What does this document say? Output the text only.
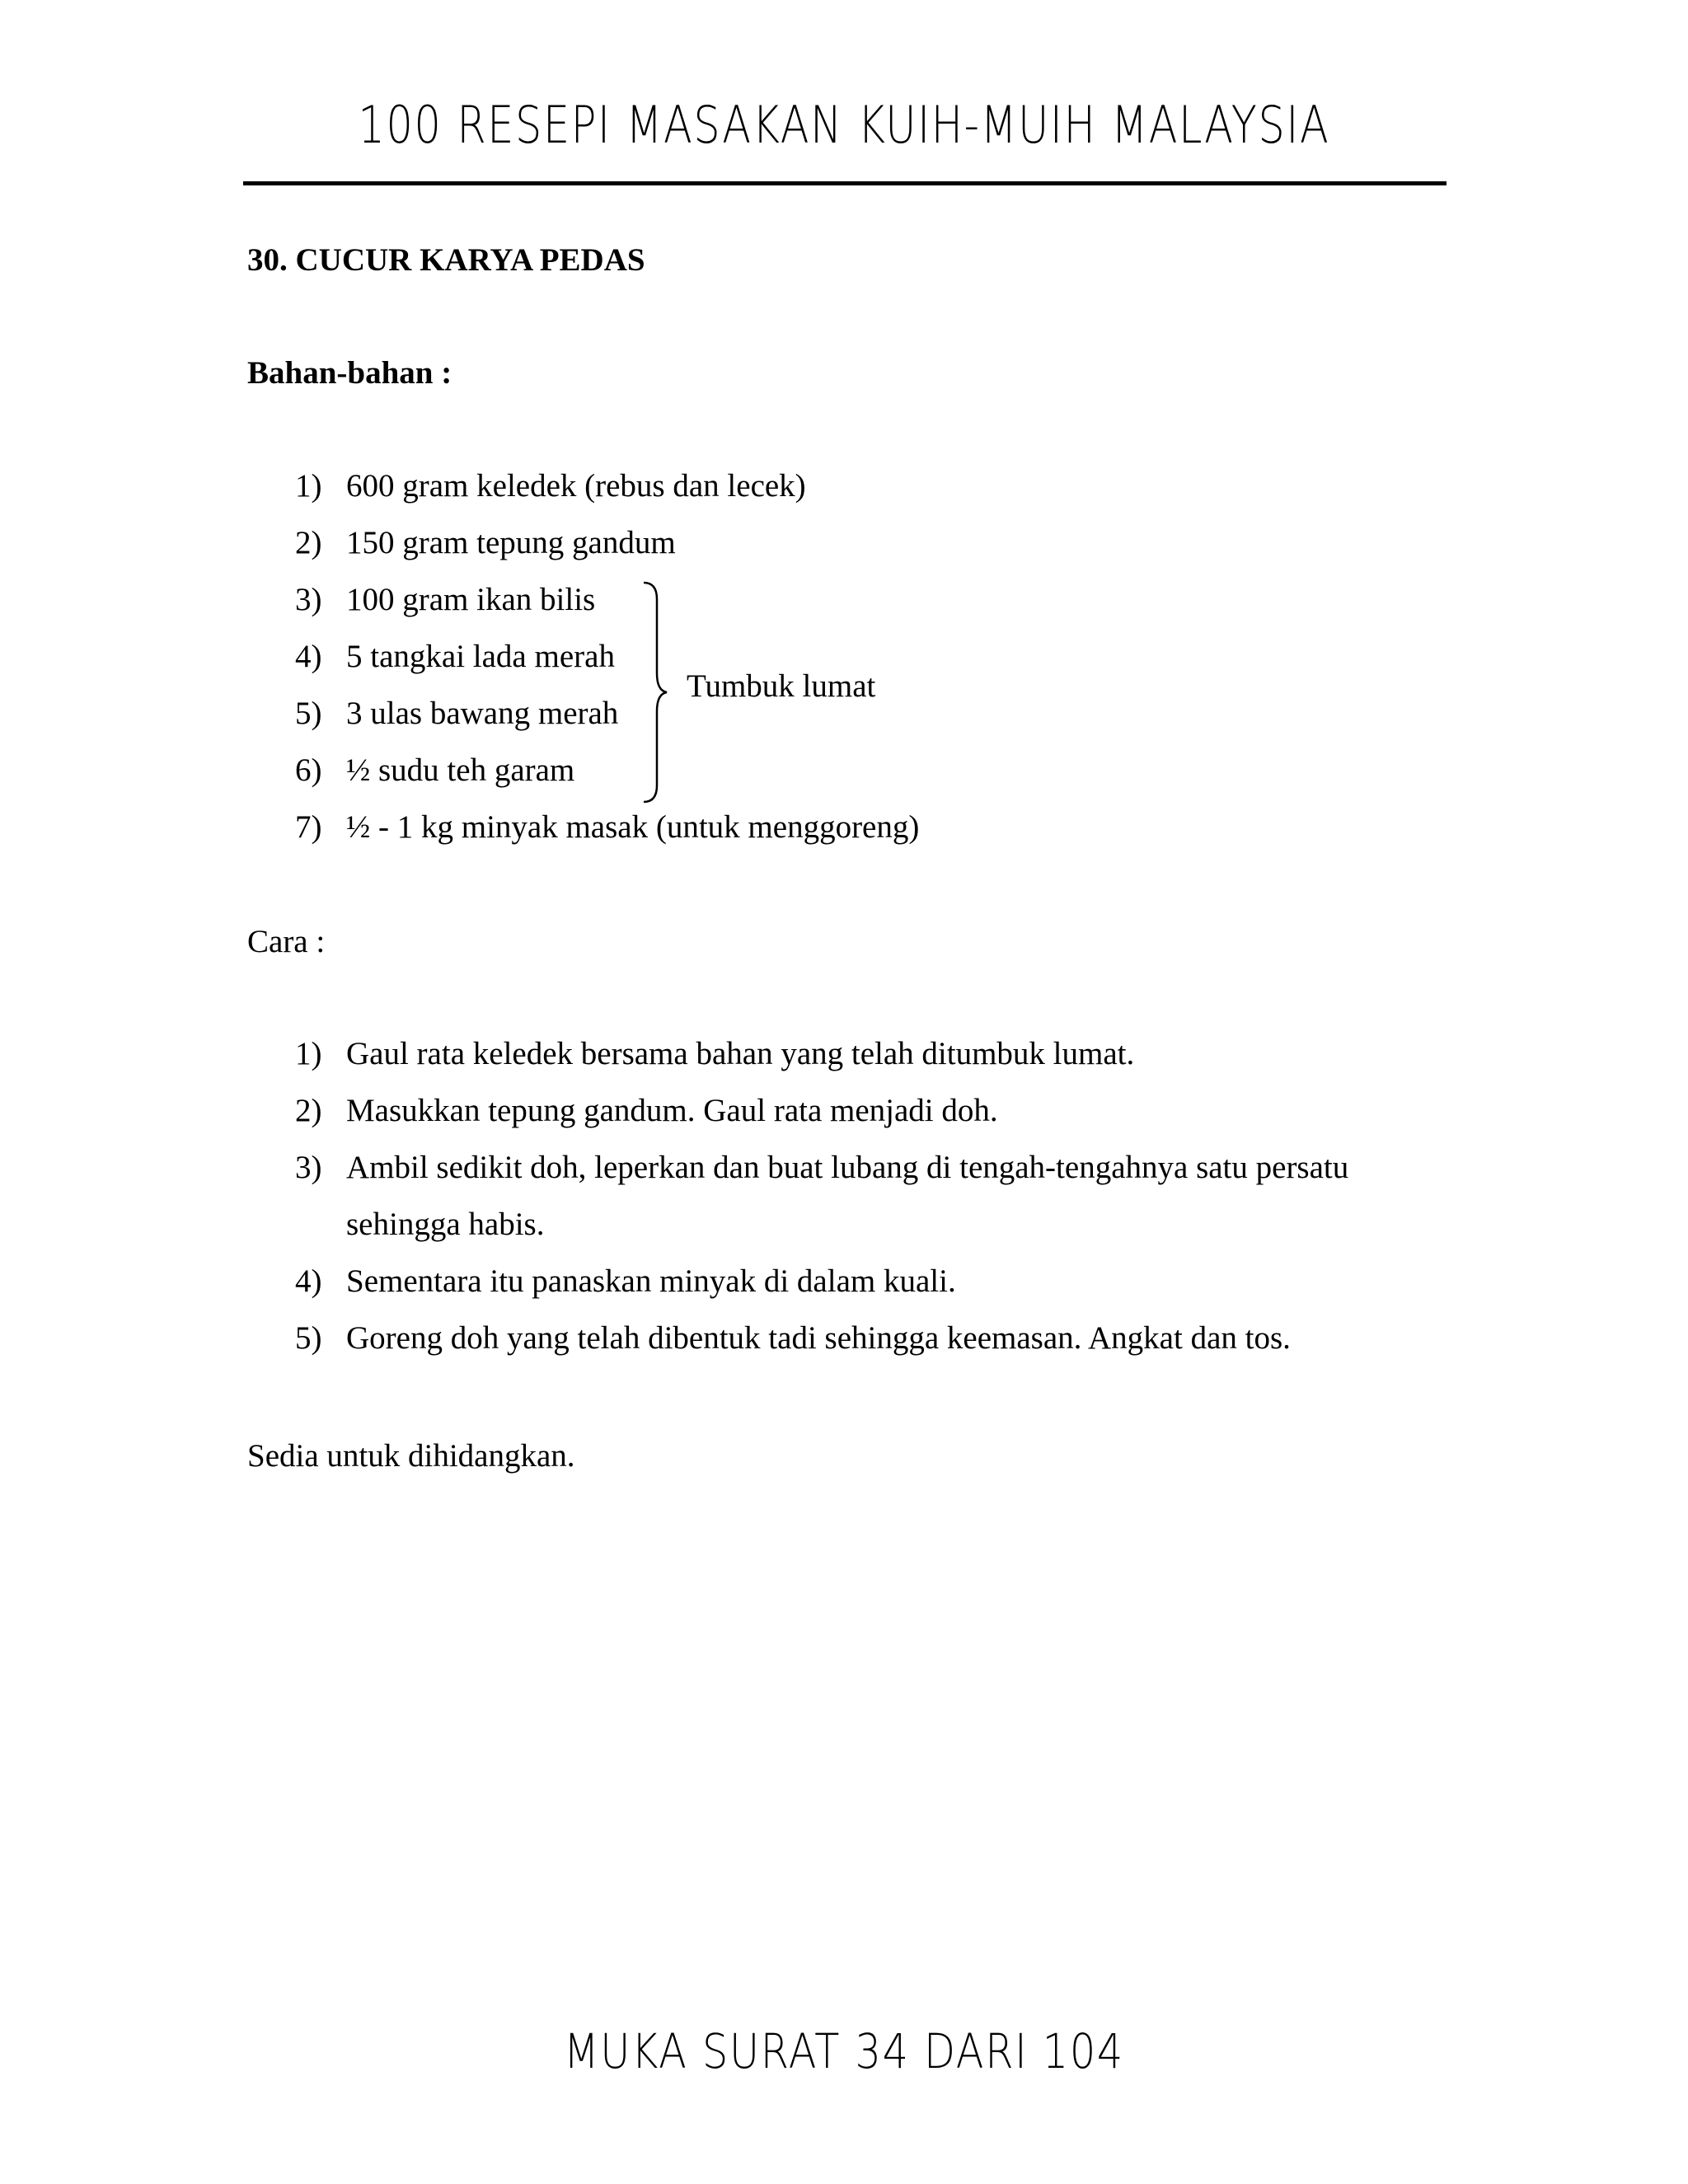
100 RESEPI MASAKAN KUIH-MUIH MALAYSIA
30. CUCUR KARYA PEDAS
Bahan-bahan :
1) 600 gram keledek (rebus dan lecek)
2) 150 gram tepung gandum
3) 100 gram ikan bilis
4) 5 tangkai lada merah
5) 3 ulas bawang merah
6) ½ sudu teh garam
7) ½ - 1 kg minyak masak (untuk menggoreng)
Tumbuk lumat
Cara :
1) Gaul rata keledek bersama bahan yang telah ditumbuk lumat.
2) Masukkan tepung gandum. Gaul rata menjadi doh.
3) Ambil sedikit doh, leperkan dan buat lubang di tengah-tengahnya satu persatu
sehingga habis.
4) Sementara itu panaskan minyak di dalam kuali.
5) Goreng doh yang telah dibentuk tadi sehingga keemasan. Angkat dan tos.
Sedia untuk dihidangkan.
MUKA SURAT 34 DARI 104
